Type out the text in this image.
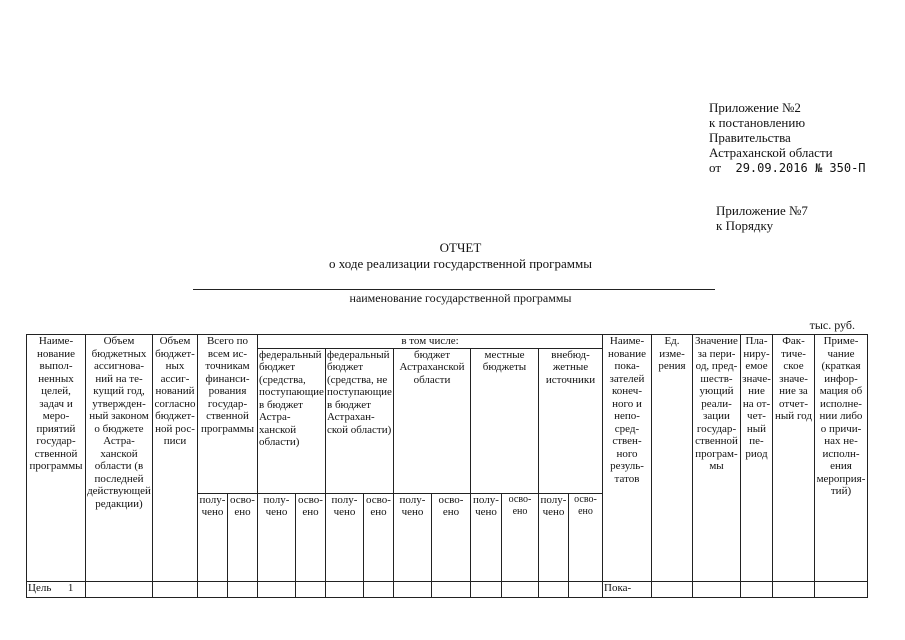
Приложение №2
к постановлению
Правительства
Астраханской области
от 29.09.2016 № 350-П
Приложение №7
к Порядку
ОТЧЕТ
о ходе реализации государственной программы
наименование государственной программы
тыс. руб.
Наименование выполненных целей, задач и мероприятий государственной программы	Объем бюджетных ассигнований на текущий год, утвержденный законом о бюджете Астраханской области (в последней действующей редакции)	Объем бюджетных ассигнований согласно бюджетной росписи	Всего по всем источникам финансирования государственной программы		в том числе:										Наименование показателей конечного и непосредственного результатов	Ед. измерения	Значение за период, предшествующий реализации государственной программы	Планируемое значение на отчетный период	Фактическое значение за отчетный год	Примечание (краткая информация об исполнении либо о причинах неисполнения мероприятий)
					федеральный бюджет (средства, поступающие в бюджет Астраханской области)		федеральный бюджет (средства, не поступающие в бюджет Астраханской области)		бюджет Астраханской области		местные бюджеты		внебюджетные источники							
			получено	освоено	получено	освоено	получено	освоено	получено	освоено	получено	освоено	получено	освоено						
Цель 1															Пока-					
